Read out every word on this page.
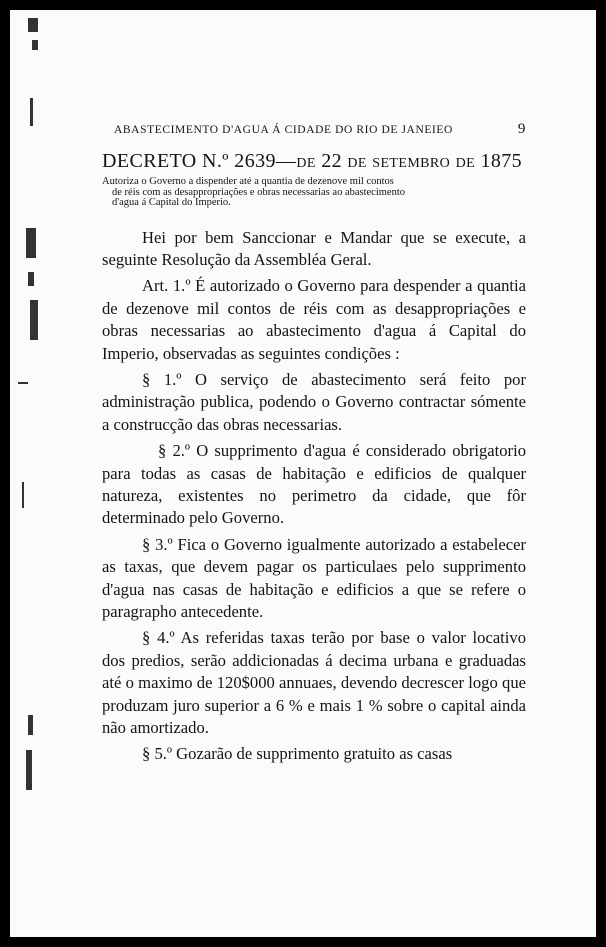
ABASTECIMENTO D'AGUA Á CIDADE DO RIO DE JANEIEO	9
DECRETO N.º 2639—DE 22 DE SETEMBRO DE 1875
Autoriza o Governo a dispender até a quantia de dezenove mil contos
de réis com as desappropriações e obras necessarias ao abastecimento
d'agua á Capital do Imperio.

Hei por bem Sanccionar e Mandar que se execute, a seguinte Resolução da Assembléa Geral.

Art. 1.º É autorizado o Governo para despender a quantia de dezenove mil contos de réis com as desappropriações e obras necessarias ao abastecimento d'agua á Capital do Imperio, observadas as seguintes condições :

§ 1.º O serviço de abastecimento será feito por administração publica, podendo o Governo contractar sómente a construcção das obras necessarias.

§ 2.º O supprimento d'agua é considerado obrigatorio para todas as casas de habitação e edificios de qualquer natureza, existentes no perimetro da cidade, que fôr determinado pelo Governo.

§ 3.º Fica o Governo igualmente autorizado a estabelecer as taxas, que devem pagar os particulaes pelo supprimento d'agua nas casas de habitação e edificios a que se refere o paragrapho antecedente.

§ 4.º As referidas taxas terão por base o valor locativo dos predios, serão addicionadas á decima urbana e graduadas até o maximo de 120$000 annuaes, devendo decrescer logo que produzam juro superior a 6 % e mais 1 % sobre o capital ainda não amortizado.

§ 5.º Gozarão de supprimento gratuito as casas
